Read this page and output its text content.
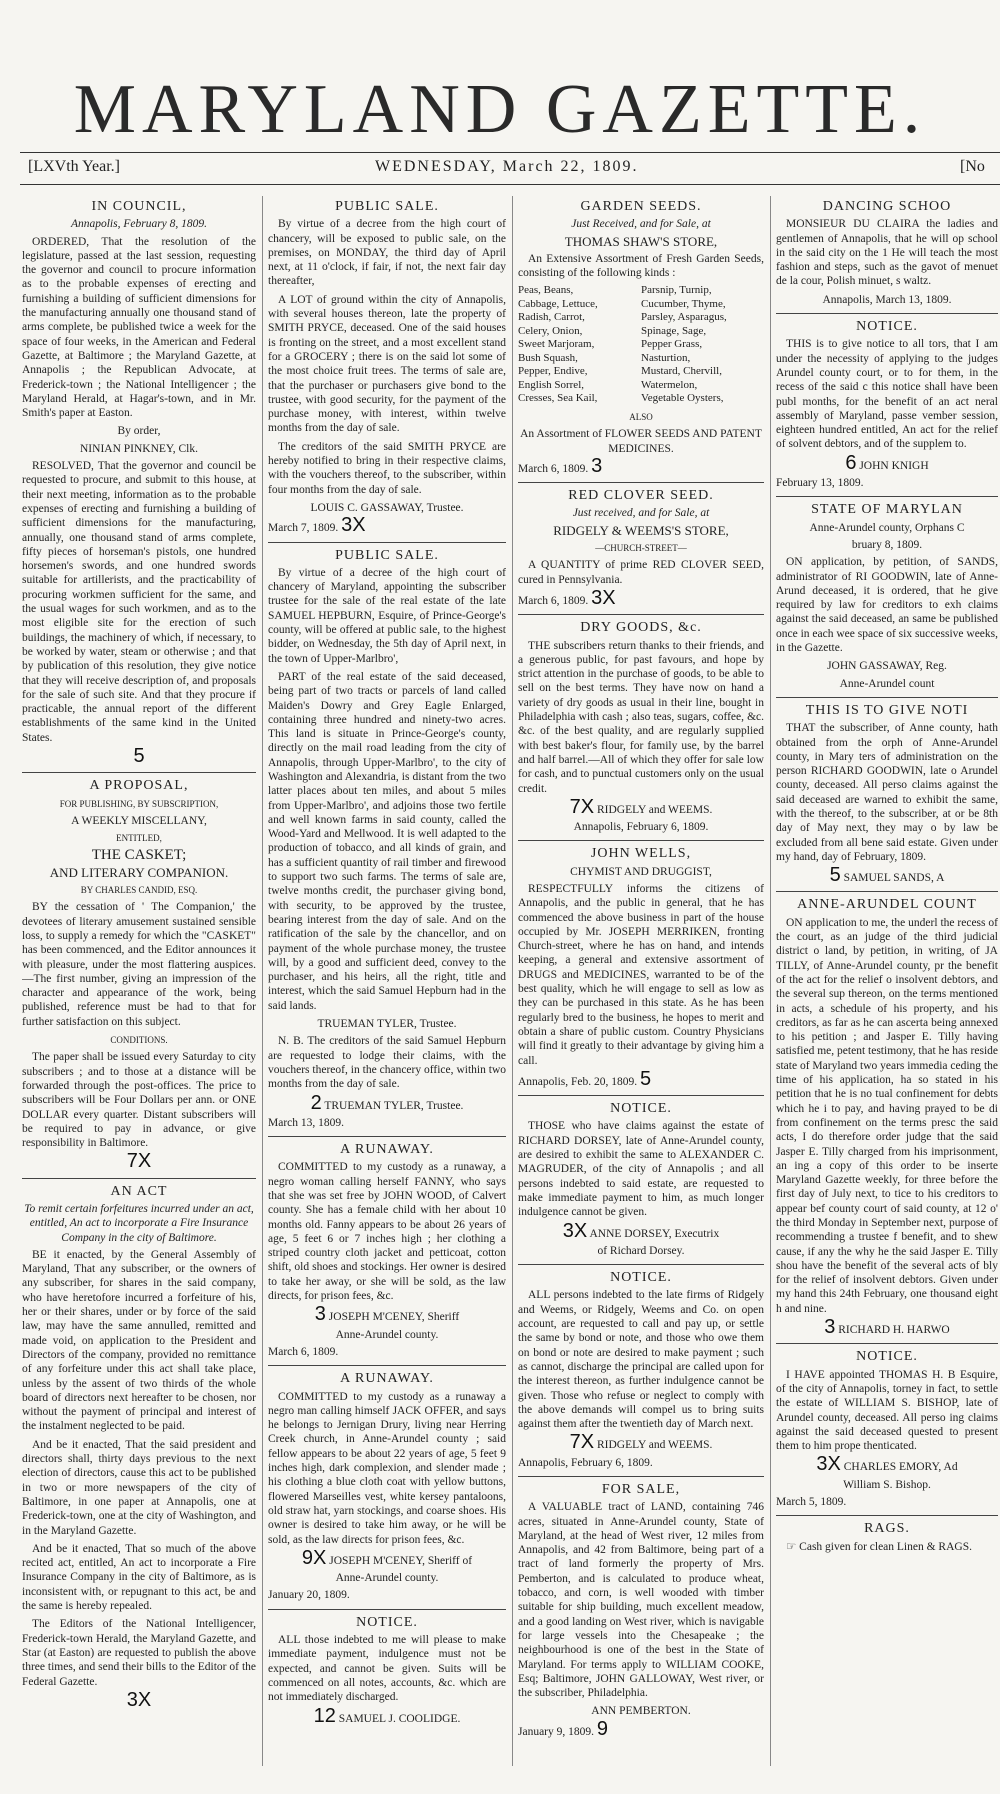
MARYLAND GAZETTE.
[LXVth Year.]	WEDNESDAY, March 22, 1809.	[No
IN COUNCIL,

Annapolis, February 8, 1809.

ORDERED, That the resolution of the legislature, passed at the last session, requesting the governor and council to procure information as to the probable expenses of erecting and furnishing a building of sufficient dimensions for the manufacturing annually one thousand stand of arms complete, be published twice a week for the space of four weeks, in the American and Federal Gazette, at Baltimore ; the Maryland Gazette, at Annapolis ; the Republican Advocate, at Frederick-town ; the National Intelligencer ; the Maryland Herald, at Hagar's-town, and in Mr. Smith's paper at Easton.

By order,

NINIAN PINKNEY, Clk.

RESOLVED, That the governor and council be requested to procure, and submit to this house, at their next meeting, information as to the probable expenses of erecting and furnishing a building of sufficient dimensions for the manufacturing, annually, one thousand stand of arms complete, fifty pieces of horseman's pistols, one hundred horsemen's swords, and one hundred swords suitable for artillerists, and the practicability of procuring workmen sufficient for the same, and the usual wages for such workmen, and as to the most eligible site for the erection of such buildings, the machinery of which, if necessary, to be worked by water, steam or otherwise ; and that by publication of this resolution, they give notice that they will receive description of, and proposals for the sale of such site. And that they procure if practicable, the annual report of the different establishments of the same kind in the United States.

5

A PROPOSAL,

FOR PUBLISHING, BY SUBSCRIPTION,

A WEEKLY MISCELLANY,

ENTITLED,

THE CASKET;

AND LITERARY COMPANION.

BY CHARLES CANDID, ESQ.

BY the cessation of ' The Companion,' the devotees of literary amusement sustained sensible loss, to supply a remedy for which the "CASKET" has been commenced, and the Editor announces it with pleasure, under the most flattering auspices.—The first number, giving an impression of the character and appearance of the work, being published, reference must be had to that for further satisfaction on this subject.

CONDITIONS.

The paper shall be issued every Saturday to city subscribers ; and to those at a distance will be forwarded through the post-offices. The price to subscribers will be Four Dollars per ann. or ONE DOLLAR every quarter. Distant subscribers will be required to pay in advance, or give responsibility in Baltimore.

7X

AN ACT

To remit certain forfeitures incurred under an act, entitled, An act to incorporate a Fire Insurance Company in the city of Baltimore.

BE it enacted, by the General Assembly of Maryland, That any subscriber, or the owners of any subscriber, for shares in the said company, who have heretofore incurred a forfeiture of his, her or their shares, under or by force of the said law, may have the same annulled, remitted and made void, on application to the President and Directors of the company, provided no remittance of any forfeiture under this act shall take place, unless by the assent of two thirds of the whole board of directors next hereafter to be chosen, nor without the payment of principal and interest of the instalment neglected to be paid.

And be it enacted, That the said president and directors shall, thirty days previous to the next election of directors, cause this act to be published in two or more newspapers of the city of Baltimore, in one paper at Annapolis, one at Frederick-town, one at the city of Washington, and in the Maryland Gazette.

And be it enacted, That so much of the above recited act, entitled, An act to incorporate a Fire Insurance Company in the city of Baltimore, as is inconsistent with, or repugnant to this act, be and the same is hereby repealed.

The Editors of the National Intelligencer, Frederick-town Herald, the Maryland Gazette, and Star (at Easton) are requested to publish the above three times, and send their bills to the Editor of the Federal Gazette.

3X

PUBLIC SALE.

By virtue of a decree from the high court of chancery, will be exposed to public sale, on the premises, on MONDAY, the third day of April next, at 11 o'clock, if fair, if not, the next fair day thereafter,

A LOT of ground within the city of Annapolis, with several houses thereon, late the property of SMITH PRYCE, deceased. One of the said houses is fronting on the street, and a most excellent stand for a GROCERY ; there is on the said lot some of the most choice fruit trees. The terms of sale are, that the purchaser or purchasers give bond to the trustee, with good security, for the payment of the purchase money, with interest, within twelve months from the day of sale.

The creditors of the said SMITH PRYCE are hereby notified to bring in their respective claims, with the vouchers thereof, to the subscriber, within four months from the day of sale.

LOUIS C. GASSAWAY, Trustee.

March 7, 1809. 3X

PUBLIC SALE.

By virtue of a decree of the high court of chancery of Maryland, appointing the subscriber trustee for the sale of the real estate of the late SAMUEL HEPBURN, Esquire, of Prince-George's county, will be offered at public sale, to the highest bidder, on Wednesday, the 5th day of April next, in the town of Upper-Marlbro',

PART of the real estate of the said deceased, being part of two tracts or parcels of land called Maiden's Dowry and Grey Eagle Enlarged, containing three hundred and ninety-two acres. This land is situate in Prince-George's county, directly on the mail road leading from the city of Annapolis, through Upper-Marlbro', to the city of Washington and Alexandria, is distant from the two latter places about ten miles, and about 5 miles from Upper-Marlbro', and adjoins those two fertile and well known farms in said county, called the Wood-Yard and Mellwood. It is well adapted to the production of tobacco, and all kinds of grain, and has a sufficient quantity of rail timber and firewood to support two such farms. The terms of sale are, twelve months credit, the purchaser giving bond, with security, to be approved by the trustee, bearing interest from the day of sale. And on the ratification of the sale by the chancellor, and on payment of the whole purchase money, the trustee will, by a good and sufficient deed, convey to the purchaser, and his heirs, all the right, title and interest, which the said Samuel Hepburn had in the said lands.

TRUEMAN TYLER, Trustee.

N. B. The creditors of the said Samuel Hepburn are requested to lodge their claims, with the vouchers thereof, in the chancery office, within two months from the day of sale.

2 TRUEMAN TYLER, Trustee.

March 13, 1809.

A RUNAWAY.

COMMITTED to my custody as a runaway, a negro woman calling herself FANNY, who says that she was set free by JOHN WOOD, of Calvert county. She has a female child with her about 10 months old. Fanny appears to be about 26 years of age, 5 feet 6 or 7 inches high ; her clothing a striped country cloth jacket and petticoat, cotton shift, old shoes and stockings. Her owner is desired to take her away, or she will be sold, as the law directs, for prison fees, &c.

3 JOSEPH M'CENEY, Sheriff

Anne-Arundel county.

March 6, 1809.

A RUNAWAY.

COMMITTED to my custody as a runaway a negro man calling himself JACK OFFER, and says he belongs to Jernigan Drury, living near Herring Creek church, in Anne-Arundel county ; said fellow appears to be about 22 years of age, 5 feet 9 inches high, dark complexion, and slender made ; his clothing a blue cloth coat with yellow buttons, flowered Marseilles vest, white kersey pantaloons, old straw hat, yarn stockings, and coarse shoes. His owner is desired to take him away, or he will be sold, as the law directs for prison fees, &c.

9X JOSEPH M'CENEY, Sheriff of

Anne-Arundel county.

January 20, 1809.

NOTICE.

ALL those indebted to me will please to make immediate payment, indulgence must not be expected, and cannot be given. Suits will be commenced on all notes, accounts, &c. which are not immediately discharged.

12 SAMUEL J. COOLIDGE.

GARDEN SEEDS.

Just Received, and for Sale, at

THOMAS SHAW'S STORE,

An Extensive Assortment of Fresh Garden Seeds, consisting of the following kinds :

Peas, Beans,
Cabbage, Lettuce,
Radish, Carrot,
Celery, Onion,
Sweet Marjoram,
Bush Squash,
Pepper, Endive,
English Sorrel,
Cresses, Sea Kail,
Parsnip, Turnip,
Cucumber, Thyme,
Parsley, Asparagus,
Spinage, Sage,
Pepper Grass,
Nasturtion,
Mustard, Chervill,
Watermelon,
Vegetable Oysters,

ALSO

An Assortment of FLOWER SEEDS AND PATENT MEDICINES.

March 6, 1809. 3

RED CLOVER SEED.

Just received, and for Sale, at

RIDGELY & WEEMS'S STORE,

—CHURCH-STREET—

A QUANTITY of prime RED CLOVER SEED, cured in Pennsylvania.

March 6, 1809. 3X

DRY GOODS, &c.

THE subscribers return thanks to their friends, and a generous public, for past favours, and hope by strict attention in the purchase of goods, to be able to sell on the best terms. They have now on hand a variety of dry goods as usual in their line, bought in Philadelphia with cash ; also teas, sugars, coffee, &c. &c. of the best quality, and are regularly supplied with best baker's flour, for family use, by the barrel and half barrel.—All of which they offer for sale low for cash, and to punctual customers only on the usual credit.

7X RIDGELY and WEEMS.

Annapolis, February 6, 1809.

JOHN WELLS,

CHYMIST AND DRUGGIST,

RESPECTFULLY informs the citizens of Annapolis, and the public in general, that he has commenced the above business in part of the house occupied by Mr. JOSEPH MERRIKEN, fronting Church-street, where he has on hand, and intends keeping, a general and extensive assortment of DRUGS and MEDICINES, warranted to be of the best quality, which he will engage to sell as low as they can be purchased in this state. As he has been regularly bred to the business, he hopes to merit and obtain a share of public custom. Country Physicians will find it greatly to their advantage by giving him a call.

Annapolis, Feb. 20, 1809. 5

NOTICE.

THOSE who have claims against the estate of RICHARD DORSEY, late of Anne-Arundel county, are desired to exhibit the same to ALEXANDER C. MAGRUDER, of the city of Annapolis ; and all persons indebted to said estate, are requested to make immediate payment to him, as much longer indulgence cannot be given.

3X ANNE DORSEY, Executrix

of Richard Dorsey.

NOTICE.

ALL persons indebted to the late firms of Ridgely and Weems, or Ridgely, Weems and Co. on open account, are requested to call and pay up, or settle the same by bond or note, and those who owe them on bond or note are desired to make payment ; such as cannot, discharge the principal are called upon for the interest thereon, as further indulgence cannot be given. Those who refuse or neglect to comply with the above demands will compel us to bring suits against them after the twentieth day of March next.

7X RIDGELY and WEEMS.

Annapolis, February 6, 1809.

FOR SALE,

A VALUABLE tract of LAND, containing 746 acres, situated in Anne-Arundel county, State of Maryland, at the head of West river, 12 miles from Annapolis, and 42 from Baltimore, being part of a tract of land formerly the property of Mrs. Pemberton, and is calculated to produce wheat, tobacco, and corn, is well wooded with timber suitable for ship building, much excellent meadow, and a good landing on West river, which is navigable for large vessels into the Chesapeake ; the neighbourhood is one of the best in the State of Maryland. For terms apply to WILLIAM COOKE, Esq; Baltimore, JOHN GALLOWAY, West river, or the subscriber, Philadelphia.

ANN PEMBERTON.

January 9, 1809. 9

DANCING SCHOO

MONSIEUR DU CLAIRA the ladies and gentlemen of Annapolis, that he will op school in the said city on the 1 He will teach the most fashion and steps, such as the gavot of menuet de la cour, Polish minuet, s waltz.

Annapolis, March 13, 1809.

NOTICE.

THIS is to give notice to all tors, that I am under the necessity of applying to the judges Arundel county court, or to for them, in the recess of the said c this notice shall have been publ months, for the benefit of an act neral assembly of Maryland, passe vember session, eighteen hundred entitled, An act for the relief of solvent debtors, and of the supplem to.

6 JOHN KNIGH

February 13, 1809.

STATE OF MARYLAN

Anne-Arundel county, Orphans C

bruary 8, 1809.

ON application, by petition, of SANDS, administrator of RI GOODWIN, late of Anne-Arund deceased, it is ordered, that he give required by law for creditors to exh claims against the said deceased, an same be published once in each wee space of six successive weeks, in the Gazette.

JOHN GASSAWAY, Reg.

Anne-Arundel count

THIS IS TO GIVE NOTI

THAT the subscriber, of Anne county, hath obtained from the orph of Anne-Arundel county, in Mary ters of administration on the person RICHARD GOODWIN, late o Arundel county, deceased. All perso claims against the said deceased are warned to exhibit the same, with the thereof, to the subscriber, at or be 8th day of May next, they may o by law be excluded from all bene said estate. Given under my hand, day of February, 1809.

5 SAMUEL SANDS, A

ANNE-ARUNDEL COUNT

ON application to me, the underl the recess of the court, as an judge of the third judicial district o land, by petition, in writing, of JA TILLY, of Anne-Arundel county, pr the benefit of the act for the relief o insolvent debtors, and the several sup thereon, on the terms mentioned in acts, a schedule of his property, and his creditors, as far as he can ascerta being annexed to his petition ; and Jasper E. Tilly having satisfied me, petent testimony, that he has reside state of Maryland two years immedia ceding the time of his application, ha so stated in his petition that he is no tual confinement for debts which he i to pay, and having prayed to be di from confinement on the terms presc the said acts, I do therefore order judge that the said Jasper E. Tilly charged from his imprisonment, an ing a copy of this order to be inserte Maryland Gazette weekly, for three before the first day of July next, to tice to his creditors to appear bef county court of said county, at 12 o' the third Monday in September next, purpose of recommending a trustee f benefit, and to shew cause, if any the why he the said Jasper E. Tilly shou have the benefit of the several acts of bly for the relief of insolvent debtors. Given under my hand this 24th February, one thousand eight h and nine.

3 RICHARD H. HARWO

NOTICE.

I HAVE appointed THOMAS H. B Esquire, of the city of Annapolis, torney in fact, to settle the estate of WILLIAM S. BISHOP, late of Arundel county, deceased. All perso ing claims against the said deceased quested to present them to him prope thenticated.

3X CHARLES EMORY, Ad

William S. Bishop.

March 5, 1809.

RAGS.

☞ Cash given for clean Linen & RAGS.
